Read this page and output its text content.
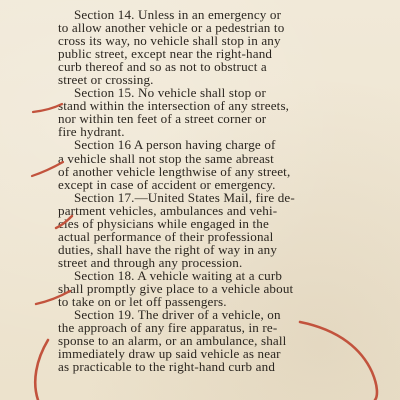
Section 14. Unless in an emergency or
to allow another vehicle or a pedestrian to
cross its way, no vehicle shall stop in any
public street, except near the right-hand
curb thereof and so as not to obstruct a
street or crossing.
Section 15. No vehicle shall stop or
stand within the intersection of any streets,
nor within ten feet of a street corner or
fire hydrant.
Section 16 A person having charge of
a vehicle shall not stop the same abreast
of another vehicle lengthwise of any street,
except in case of accident or emergency.
Section 17.—United States Mail, fire de-
partment vehicles, ambulances and vehi-
cles of physicians while engaged in the
actual performance of their professional
duties, shall have the right of way in any
street and through any procession.
Section 18. A vehicle waiting at a curb
shall promptly give place to a vehicle about
to take on or let off passengers.
Section 19. The driver of a vehicle, on
the approach of any fire apparatus, in re-
sponse to an alarm, or an ambulance, shall
immediately draw up said vehicle as near
as practicable to the right-hand curb and
